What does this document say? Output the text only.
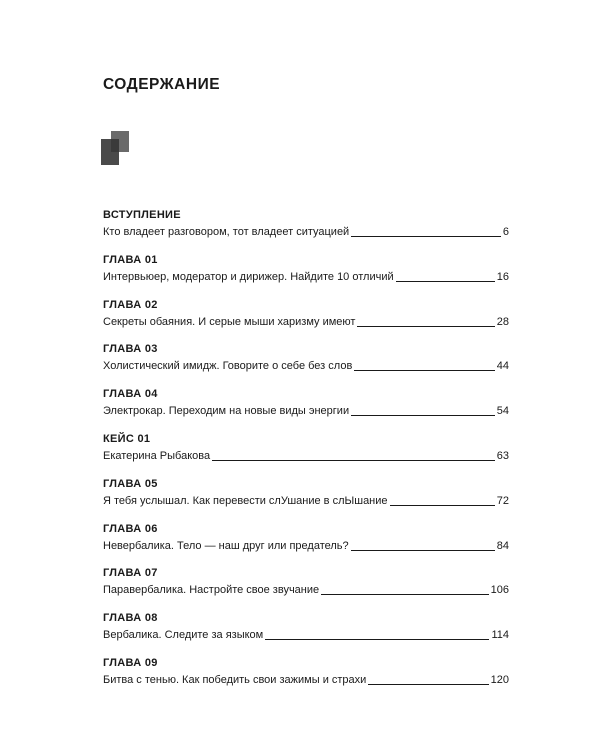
СОДЕРЖАНИЕ
ВСТУПЛЕНИЕ
Кто владеет разговором, тот владеет ситуацией	6
ГЛАВА 01
Интервьюер, модератор и дирижер. Найдите 10 отличий	16
ГЛАВА 02
Секреты обаяния. И серые мыши харизму имеют	28
ГЛАВА 03
Холистический имидж. Говорите о себе без слов	44
ГЛАВА 04
Электрокар. Переходим на новые виды энергии	54
КЕЙС 01
Екатерина Рыбакова	63
ГЛАВА 05
Я тебя услышал. Как перевести слУшание в слЫшание	72
ГЛАВА 06
Невербалика. Тело — наш друг или предатель?	84
ГЛАВА 07
Паравербалика. Настройте свое звучание	106
ГЛАВА 08
Вербалика. Следите за языком	114
ГЛАВА 09
Битва с тенью. Как победить свои зажимы и страхи	120
